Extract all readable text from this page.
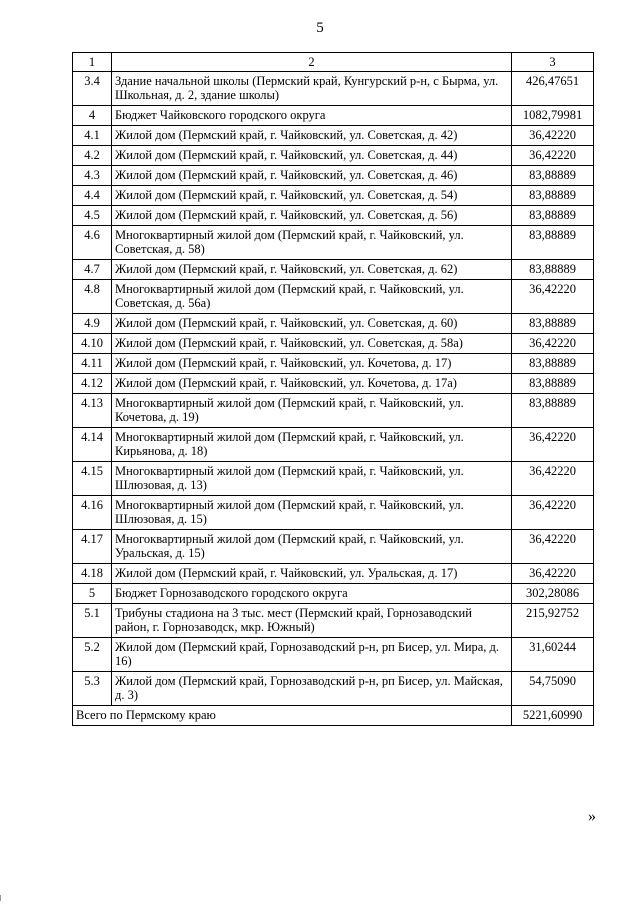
5
1	2	3
3.4	Здание начальной школы (Пермский край, Кунгурский р-н, с Бырма, ул. Школьная, д. 2, здание школы)	426,47651
4	Бюджет Чайковского городского округа	1082,79981
4.1	Жилой дом (Пермский край, г. Чайковский, ул. Советская, д. 42)	36,42220
4.2	Жилой дом (Пермский край, г. Чайковский, ул. Советская, д. 44)	36,42220
4.3	Жилой дом (Пермский край, г. Чайковский, ул. Советская, д. 46)	83,88889
4.4	Жилой дом (Пермский край, г. Чайковский, ул. Советская, д. 54)	83,88889
4.5	Жилой дом (Пермский край, г. Чайковский, ул. Советская, д. 56)	83,88889
4.6	Многоквартирный жилой дом (Пермский край, г. Чайковский, ул. Советская, д. 58)	83,88889
4.7	Жилой дом (Пермский край, г. Чайковский, ул. Советская, д. 62)	83,88889
4.8	Многоквартирный жилой дом (Пермский край, г. Чайковский, ул. Советская, д. 56а)	36,42220
4.9	Жилой дом (Пермский край, г. Чайковский, ул. Советская, д. 60)	83,88889
4.10	Жилой дом (Пермский край, г. Чайковский, ул. Советская, д. 58а)	36,42220
4.11	Жилой дом (Пермский край, г. Чайковский, ул. Кочетова, д. 17)	83,88889
4.12	Жилой дом (Пермский край, г. Чайковский, ул. Кочетова, д. 17а)	83,88889
4.13	Многоквартирный жилой дом (Пермский край, г. Чайковский, ул. Кочетова, д. 19)	83,88889
4.14	Многоквартирный жилой дом (Пермский край, г. Чайковский, ул. Кирьянова, д. 18)	36,42220
4.15	Многоквартирный жилой дом (Пермский край, г. Чайковский, ул. Шлюзовая, д. 13)	36,42220
4.16	Многоквартирный жилой дом (Пермский край, г. Чайковский, ул. Шлюзовая, д. 15)	36,42220
4.17	Многоквартирный жилой дом (Пермский край, г. Чайковский, ул. Уральская, д. 15)	36,42220
4.18	Жилой дом (Пермский край, г. Чайковский, ул. Уральская, д. 17)	36,42220
5	Бюджет Горнозаводского городского округа	302,28086
5.1	Трибуны стадиона на 3 тыс. мест (Пермский край, Горнозаводский район, г. Горнозаводск, мкр. Южный)	215,92752
5.2	Жилой дом (Пермский край, Горнозаводский р-н, рп Бисер, ул. Мира, д. 16)	31,60244
5.3	Жилой дом (Пермский край, Горнозаводский р-н, рп Бисер, ул. Майская, д. 3)	54,75090
Всего по Пермскому краю		5221,60990
»
